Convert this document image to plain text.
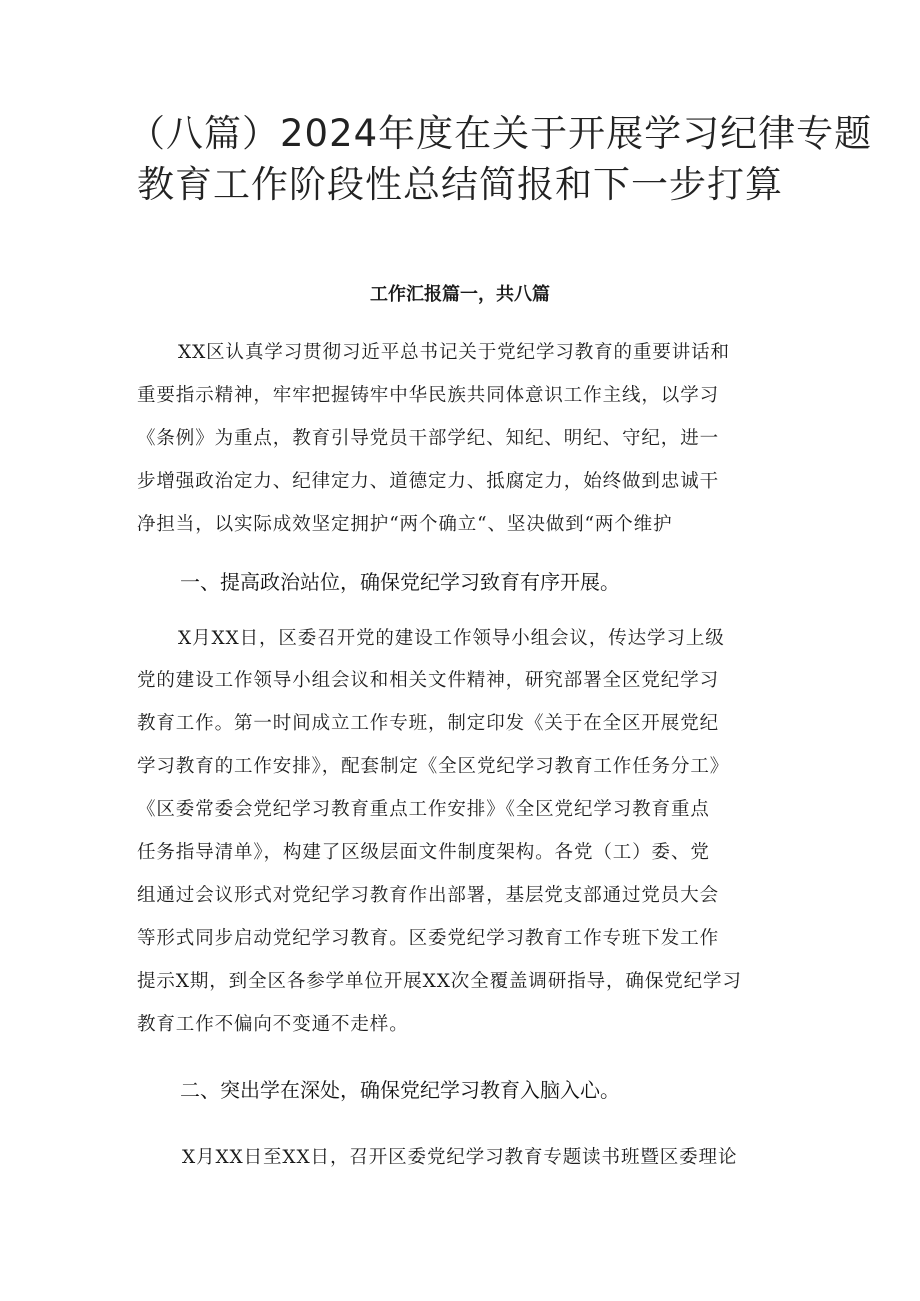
（八篇）2024年度在关于开展学习纪律专题
教育工作阶段性总结简报和下一步打算
工作汇报篇一，共八篇
XX区认真学习贯彻习近平总书记关于党纪学习教育的重要讲话和
重要指示精神，牢牢把握铸牢中华民族共同体意识工作主线，以学习
《条例》为重点，教育引导党员干部学纪、知纪、明纪、守纪，进一
步增强政治定力、纪律定力、道德定力、抵腐定力，始终做到忠诚干
净担当，以实际成效坚定拥护“两个确立“、坚决做到“两个维护
一、提高政治站位，确保党纪学习致育有序开展。
X月XX日，区委召开党的建设工作领导小组会议，传达学习上级
党的建设工作领导小组会议和相关文件精神，研究部署全区党纪学习
教育工作。第一时间成立工作专班，制定印发《关于在全区开展党纪
学习教育的工作安排》，配套制定《全区党纪学习教育工作任务分工》
《区委常委会党纪学习教育重点工作安排》《全区党纪学习教育重点
任务指导清单》，构建了区级层面文件制度架构。各党（工）委、党
组通过会议形式对党纪学习教育作出部署，基层党支部通过党员大会
等形式同步启动党纪学习教育。区委党纪学习教育工作专班下发工作
提示X期，到全区各参学单位开展XX次全覆盖调研指导，确保党纪学习
教育工作不偏向不变通不走样。
二、突出学在深处，确保党纪学习教育入脑入心。
X月XX日至XX日，召开区委党纪学习教育专题读书班暨区委理论
